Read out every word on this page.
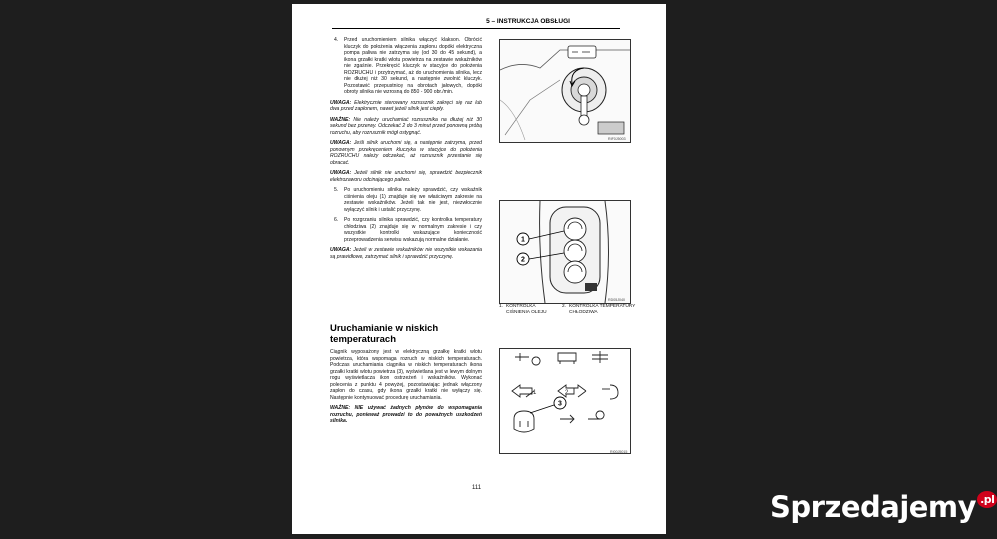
5 – INSTRUKCJA OBSŁUGI
4.	Przed uruchomieniem silnika włączyć klakson. Obrócić kluczyk do położenia włączenia zapłonu dopóki elektryczna pompa paliwa nie zatrzyma się (od 30 do 45 sekund), a ikona grzałki kratki wlotu powietrza na zestawie wskaźników nie zgaśnie. Przekręcić kluczyk w stacyjce do położenia ROZRUCHU i przytrzymać, aż do uruchomienia silnika, lecz nie dłużej niż 30 sekund, a następnie zwolnić kluczyk. Pozostawić przepustnicę na obrotach jałowych, dopóki obroty silnika nie wzrosną do 850 - 900 obr./min.

UWAGA: Elektrycznie sterowany rozrusznik zakręci się raz lub dwa przed zapłonem, nawet jeżeli silnik jest ciepły.

WAŻNE: Nie należy uruchamiać rozrusznika na dłużej niż 30 sekund bez przerwy. Odczekać 2 do 3 minut przed ponowną próbą rozruchu, aby rozrusznik mógł ostygnąć.

UWAGA: Jeśli silnik uruchomi się, a następnie zatrzyma, przed ponownym przekręceniem kluczyka w stacyjce do położenia ROZRUCHU należy odczekać, aż rozrusznik przestanie się obracać.

UWAGA: Jeżeli silnik nie uruchomi się, sprawdzić bezpiecznik elektrozaworu odcinającego paliwo.

5.	Po uruchomieniu silnika należy sprawdzić, czy wskaźnik ciśnienia oleju (1) znajduje się we właściwym zakresie na zestawie wskaźników. Jeżeli tak nie jest, niezwłocznie wyłączyć silnik i ustalić przyczynę.
6.	Po rozgrzaniu silnika sprawdzić, czy kontrolka temperatury chłodziwa (2) znajduje się w normalnym zakresie i czy wszystkie kontrolki wskazujące konieczność przeprowadzenia serwisu wskazują normalne działanie.

UWAGA: Jeżeli w zestawie wskaźników nie wszystkie wskazania są prawidłowe, zatrzymać silnik i sprawdzić przyczynę.

Uruchamianie w niskich temperaturach

Ciągnik wyposażony jest w elektryczną grzałkę kratki wlotu powietrza, która wspomaga rozruch w niskich temperaturach. Podczas uruchamiania ciągnika w niskich temperaturach ikona grzałki kratki wlotu powietrza (3), wyświetlana jest w lewym dolnym rogu wyświetlacza ikon ostrzeżeń i wskaźników. Wykonać polecenia z punktu 4 powyżej, pozostawiając jednak włączony zapłon do czasu, gdy ikona grzałki kratki nie wyłączy się. Następnie kontynuować procedurę uruchamiania.

WAŻNE: NIE używać żadnych płynów do wspomagania rozruchu, ponieważ prowadzi to do poważnych uszkodzeń silnika.

RIF0J5003
1
2
RD05J040
1. KONTROLKA CIŚNIENIA OLEJU
2. KONTROLKA TEMPERATURY CHŁODZIWA
1	2
3
RI00J5015
111
Sprzedajemy $^{.pl}$
